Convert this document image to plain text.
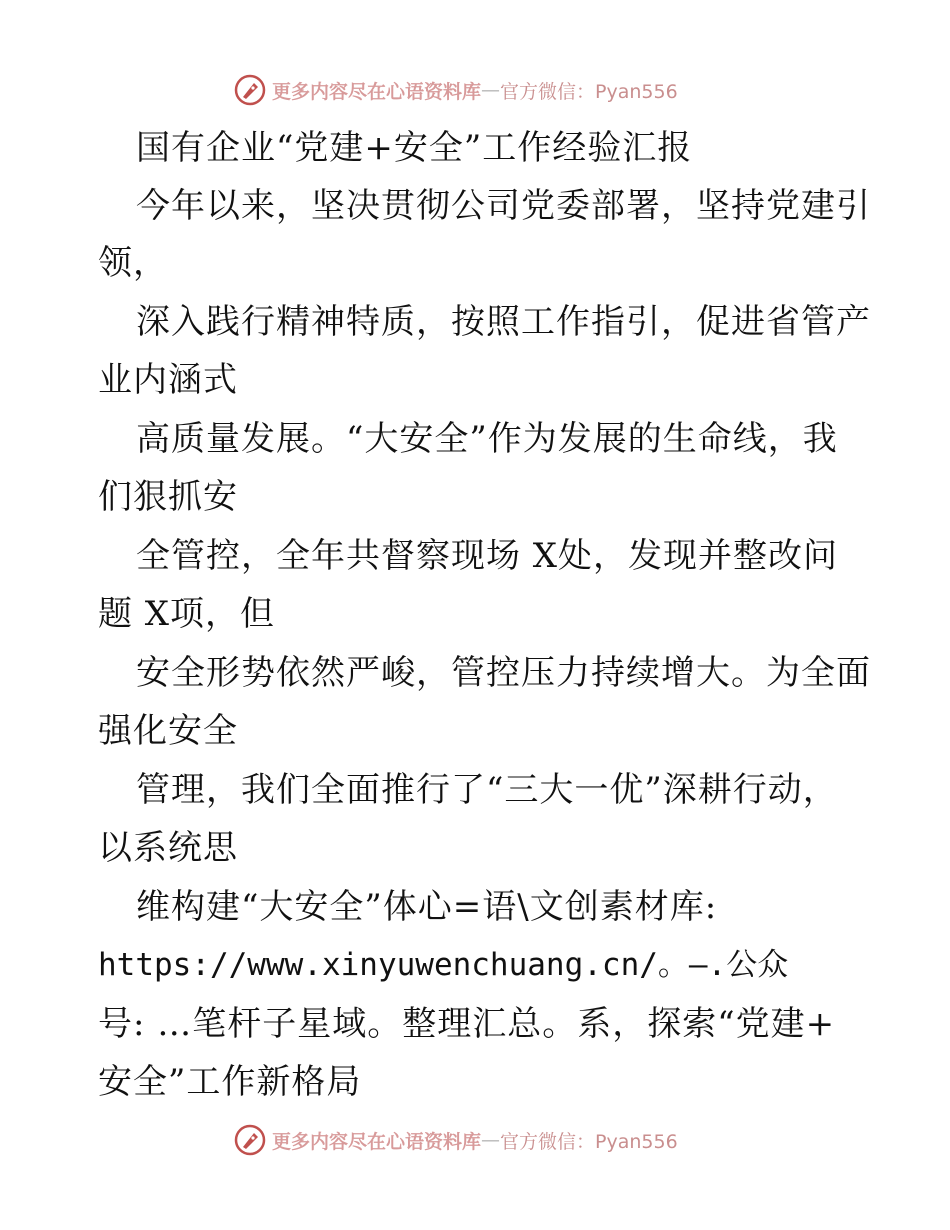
更多内容尽在心语资料库 — 官方微信：Pyan556
国有企业“党建+安全”工作经验汇报
今年以来，坚决贯彻公司党委部署，坚持党建引
领，
深入践行精神特质，按照工作指引，促进省管产
业内涵式
高质量发展。“大安全”作为发展的生命线，我
们狠抓安
全管控，全年共督察现场 X处，发现并整改问
题 X项，但
安全形势依然严峻，管控压力持续增大。为全面
强化安全
管理，我们全面推行了“三大一优”深耕行动，
以系统思
维构建“大安全”体心=语\文创素材库:
https://www.xinyuwenchuang.cn/。—.公众
号: …笔杆子星域。整理汇总。系，探索“党建+
安全”工作新格局
更多内容尽在心语资料库 — 官方微信：Pyan556
